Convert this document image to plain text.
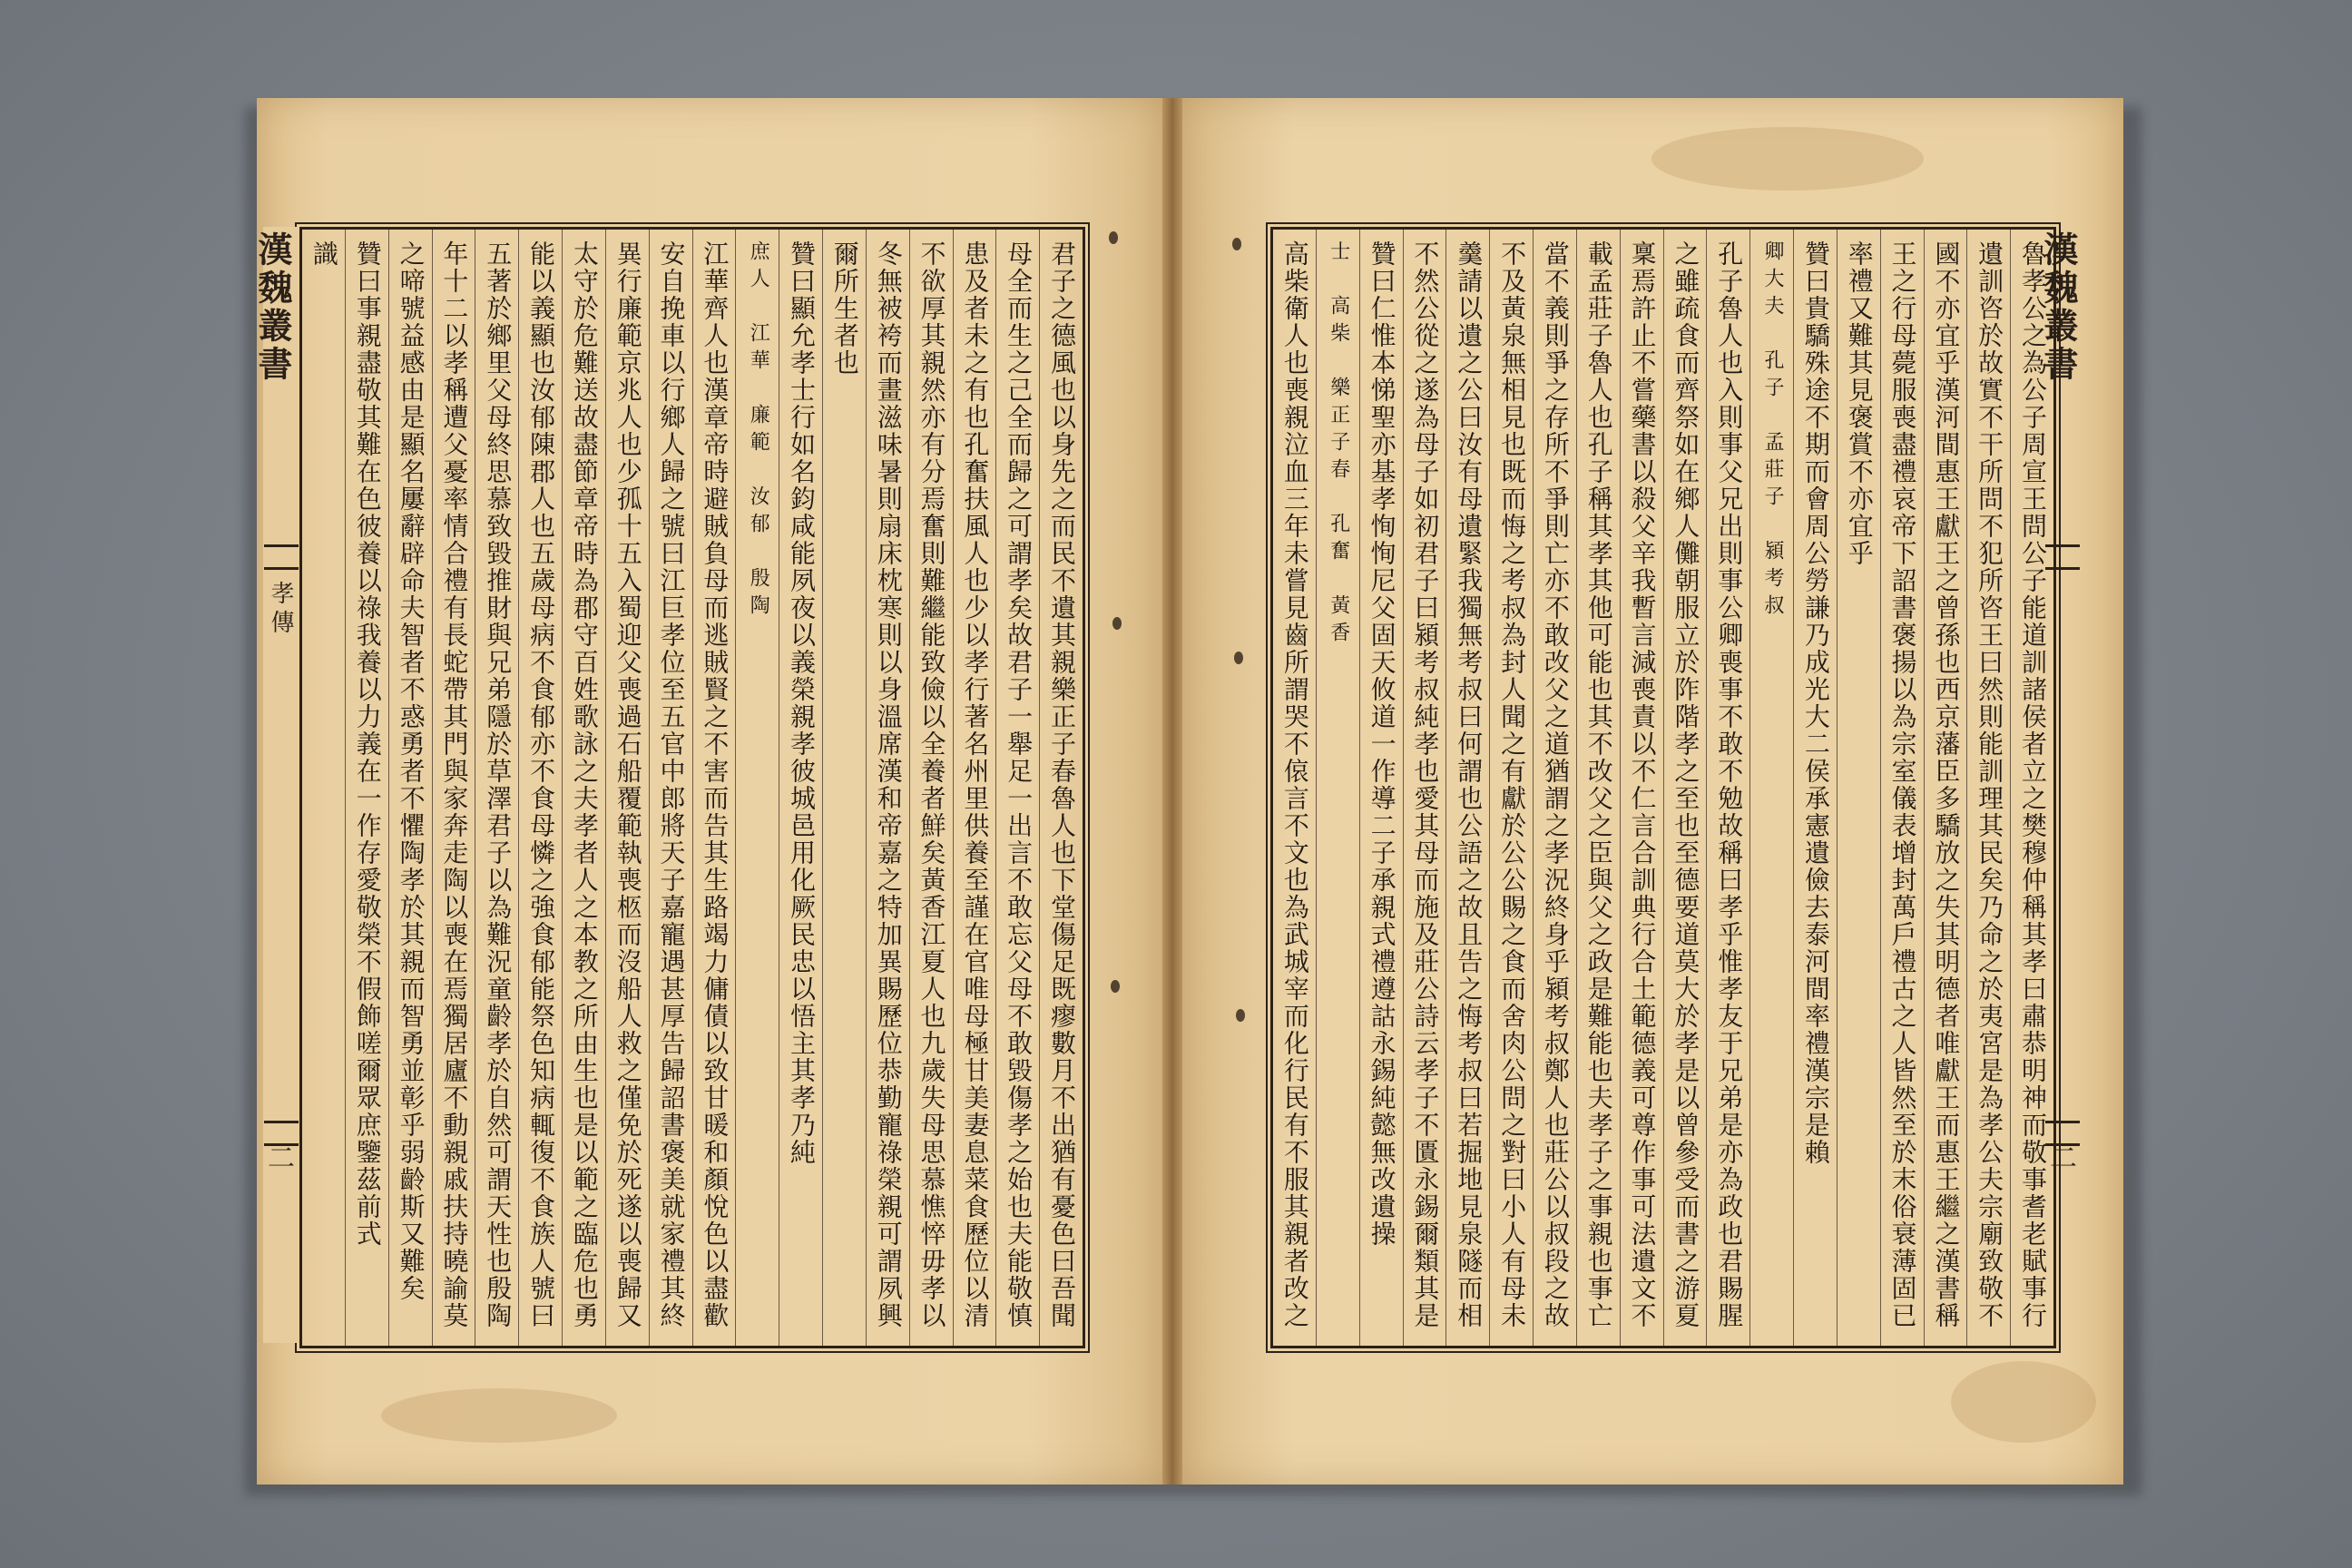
君子之德風也以身先之而民不遺其親樂正子春魯人也下堂傷足既瘳數月不出猶有憂色曰吾聞
母全而生之己全而歸之可謂孝矣故君子一舉足一出言不敢忘父母不敢毀傷孝之始也夫能敬慎
患及者未之有也孔奮扶風人也少以孝行著名州里供養至謹在官唯母極甘美妻息菜食歷位以清
不欲厚其親然亦有分焉奮則難繼能致儉以全養者鮮矣黃香江夏人也九歲失母思慕憔悴毋孝以
冬無被袴而畫滋味暑則扇床枕寒則以身溫席漢和帝嘉之特加異賜歷位恭勤寵祿榮親可謂夙興
爾所生者也
贊曰顯允孝士行如名鈞咸能夙夜以義榮親孝彼城邑用化厥民忠以悟主其孝乃純
庶人　江華　廉範　汝郁　殷陶
江華齊人也漢章帝時避賊負母而逃賊賢之不害而告其生路竭力傭債以致甘暖和顏悅色以盡歡
安自挽車以行鄉人歸之號曰江巨孝位至五官中郎將天子嘉寵遇甚厚告歸詔書褒美就家禮其終
異行廉範京兆人也少孤十五入蜀迎父喪過石船覆範執喪柩而沒船人救之僅免於死遂以喪歸又
太守於危難送故盡節章帝時為郡守百姓歌詠之夫孝者人之本教之所由生也是以範之臨危也勇
能以義顯也汝郁陳郡人也五歲母病不食郁亦不食母憐之強食郁能祭色知病輒復不食族人號曰
五著於鄉里父母終思慕致毀推財與兄弟隱於草澤君子以為難況童齡孝於自然可謂天性也殷陶
年十二以孝稱遭父憂率情合禮有長蛇帶其門與家奔走陶以喪在焉獨居廬不動親戚扶持曉諭莫
之啼號益感由是顯名屢辭辟命夫智者不惑勇者不懼陶孝於其親而智勇並彰乎弱齡斯又難矣
贊曰事親盡敬其難在色彼養以祿我養以力義在一作存愛敬榮不假飾嗟爾眾庶鑒茲前式
識
漢魏叢書
孝傳
二
魯孝公之為公子周宣王問公子能道訓諸侯者立之樊穆仲稱其孝曰肅恭明神而敬事耆老賦事行
遺訓咨於故實不干所問不犯所咨王曰然則能訓理其民矣乃命之於夷宮是為孝公夫宗廟致敬不
國不亦宜乎漢河間惠王獻王之曾孫也西京藩臣多驕放之失其明德者唯獻王而惠王繼之漢書稱
王之行母薨服喪盡禮哀帝下詔書褒揚以為宗室儀表增封萬戶禮古之人皆然至於末俗衰薄固已
率禮又難其見褒賞不亦宜乎
贊曰貴驕殊途不期而會周公勞謙乃成光大二侯承憲遺儉去泰河間率禮漢宗是賴
卿大夫　孔子　孟莊子　潁考叔
孔子魯人也入則事父兄出則事公卿喪事不敢不勉故稱曰孝乎惟孝友于兄弟是亦為政也君賜腥
之雖疏食而齊祭如在鄉人儺朝服立於阼階孝之至也至德要道莫大於孝是以曾參受而書之游夏
稟焉許止不嘗藥書以殺父辛我暫言減喪責以不仁言合訓典行合土範德義可尊作事可法遺文不
載孟莊子魯人也孔子稱其孝其他可能也其不改父之臣與父之政是難能也夫孝子之事親也事亡
當不義則爭之存所不爭則亡亦不敢改父之道猶謂之孝況終身乎潁考叔鄭人也莊公以叔段之故
不及黃泉無相見也既而悔之考叔為封人聞之有獻於公公賜之食而舍肉公問之對曰小人有母未
羹請以遺之公曰汝有母遺緊我獨無考叔曰何謂也公語之故且告之悔考叔曰若掘地見泉隧而相
不然公從之遂為母子如初君子曰潁考叔純孝也愛其母而施及莊公詩云孝子不匱永錫爾類其是
贊曰仁惟本悌聖亦基孝恂恂尼父固天攸道一作導二子承親式禮遵詁永錫純懿無改遺操
士　高柴　樂正子春　孔奮　黃香
高柴衛人也喪親泣血三年未嘗見齒所謂哭不偯言不文也為武城宰而化行民有不服其親者改之
漢魏叢書
二
